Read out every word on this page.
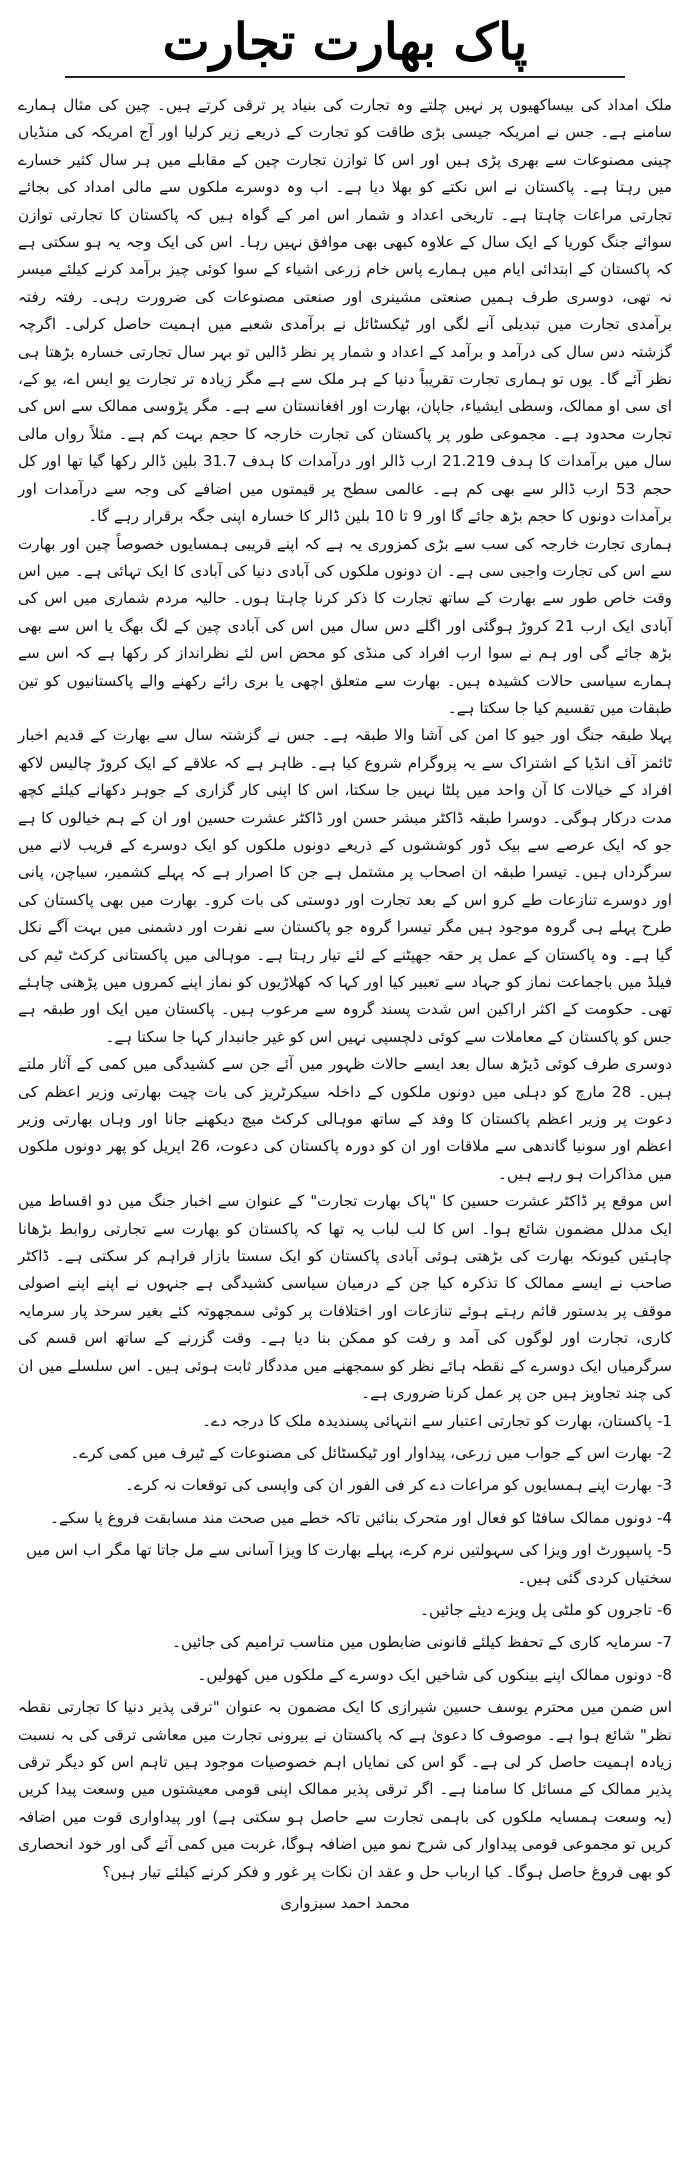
پاک بھارت تجارت

ملک امداد کی بیساکھیوں پر نہیں چلتے وہ تجارت کی بنیاد پر ترقی کرتے ہیں۔ چین کی مثال ہمارے سامنے ہے۔ جس نے امریکہ جیسی بڑی طاقت کو تجارت کے ذریعے زیر کرلیا اور آج امریکہ کی منڈیاں چینی مصنوعات سے بھری پڑی ہیں اور اس کا توازن تجارت چین کے مقابلے میں ہر سال کثیر خسارے میں رہتا ہے۔ پاکستان نے اس نکتے کو بھلا دیا ہے۔ اب وہ دوسرے ملکوں سے مالی امداد کی بجائے تجارتی مراعات چاہتا ہے۔ تاریخی اعداد و شمار اس امر کے گواہ ہیں کہ پاکستان کا تجارتی توازن سوائے جنگ کوریا کے ایک سال کے علاوہ کبھی بھی موافق نہیں رہا۔ اس کی ایک وجہ یہ ہو سکتی ہے کہ پاکستان کے ابتدائی ایام میں ہمارے پاس خام زرعی اشیاء کے سوا کوئی چیز برآمد کرنے کیلئے میسر نہ تھی، دوسری طرف ہمیں صنعتی مشینری اور صنعتی مصنوعات کی ضرورت رہی۔ رفتہ رفتہ برآمدی تجارت میں تبدیلی آنے لگی اور ٹیکسٹائل نے برآمدی شعبے میں اہمیت حاصل کرلی۔ اگرچہ گزشتہ دس سال کی درآمد و برآمد کے اعداد و شمار پر نظر ڈالیں تو بہر سال تجارتی خسارہ بڑھتا ہی نظر آئے گا۔ یوں تو ہماری تجارت تقریباً دنیا کے ہر ملک سے ہے مگر زیادہ تر تجارت یو ایس اے، یو کے، ای سی او ممالک، وسطی ایشیاء، جاپان، بھارت اور افغانستان سے ہے۔ مگر پڑوسی ممالک سے اس کی تجارت محدود ہے۔ مجموعی طور پر پاکستان کی تجارت خارجہ کا حجم بہت کم ہے۔ مثلاً رواں مالی سال میں برآمدات کا ہدف 21.219 ارب ڈالر اور درآمدات کا ہدف 31.7 بلین ڈالر رکھا گیا تھا اور کل حجم 53 ارب ڈالر سے بھی کم ہے۔ عالمی سطح پر قیمتوں میں اضافے کی وجہ سے درآمدات اور برآمدات دونوں کا حجم بڑھ جائے گا اور 9 تا 10 بلین ڈالر کا خسارہ اپنی جگہ برقرار رہے گا۔

ہماری تجارت خارجہ کی سب سے بڑی کمزوری یہ ہے کہ اپنے قریبی ہمسایوں خصوصاً چین اور بھارت سے اس کی تجارت واجبی سی ہے۔ ان دونوں ملکوں کی آبادی دنیا کی آبادی کا ایک تہائی ہے۔ میں اس وقت خاص طور سے بھارت کے ساتھ تجارت کا ذکر کرنا چاہتا ہوں۔ حالیہ مردم شماری میں اس کی آبادی ایک ارب 21 کروڑ ہوگئی اور اگلے دس سال میں اس کی آبادی چین کے لگ بھگ یا اس سے بھی بڑھ جائے گی اور ہم نے سوا ارب افراد کی منڈی کو محض اس لئے نظرانداز کر رکھا ہے کہ اس سے ہمارے سیاسی حالات کشیدہ ہیں۔ بھارت سے متعلق اچھی یا بری رائے رکھنے والے پاکستانیوں کو تین طبقات میں تقسیم کیا جا سکتا ہے۔

پہلا طبقہ جنگ اور جیو کا امن کی آشا والا طبقہ ہے۔ جس نے گزشتہ سال سے بھارت کے قدیم اخبار ٹائمز آف انڈیا کے اشتراک سے یہ پروگرام شروع کیا ہے۔ ظاہر ہے کہ علاقے کے ایک کروڑ چالیس لاکھ افراد کے خیالات کا آن واحد میں پلٹا نہیں جا سکتا، اس کا اپنی کار گزاری کے جوہر دکھانے کیلئے کچھ مدت درکار ہوگی۔ دوسرا طبقہ ڈاکٹر مبشر حسن اور ڈاکٹر عشرت حسین اور ان کے ہم خیالوں کا ہے جو کہ ایک عرصے سے بیک ڈور کوششوں کے ذریعے دونوں ملکوں کو ایک دوسرے کے قریب لانے میں سرگرداں ہیں۔ تیسرا طبقہ ان اصحاب پر مشتمل ہے جن کا اصرار ہے کہ پہلے کشمیر، سیاچن، پانی اور دوسرے تنازعات طے کرو اس کے بعد تجارت اور دوستی کی بات کرو۔ بھارت میں بھی پاکستان کی طرح پہلے ہی گروہ موجود ہیں مگر تیسرا گروہ جو پاکستان سے نفرت اور دشمنی میں بہت آگے نکل گیا ہے۔ وہ پاکستان کے عمل پر حقہ جھپٹنے کے لئے تیار رہتا ہے۔ موہالی میں پاکستانی کرکٹ ٹیم کی فیلڈ میں باجماعت نماز کو جہاد سے تعبیر کیا اور کہا کہ کھلاڑیوں کو نماز اپنے کمروں میں پڑھنی چاہئے تھی۔ حکومت کے اکثر اراکین اس شدت پسند گروہ سے مرعوب ہیں۔ پاکستان میں ایک اور طبقہ ہے جس کو پاکستان کے معاملات سے کوئی دلچسپی نہیں اس کو غیر جانبدار کہا جا سکتا ہے۔

دوسری طرف کوئی ڈیڑھ سال بعد ایسے حالات ظہور میں آئے جن سے کشیدگی میں کمی کے آثار ملتے ہیں۔ 28 مارچ کو دہلی میں دونوں ملکوں کے داخلہ سیکرٹریز کی بات چیت بھارتی وزیر اعظم کی دعوت پر وزیر اعظم پاکستان کا وفد کے ساتھ موہالی کرکٹ میچ دیکھنے جانا اور وہاں بھارتی وزیر اعظم اور سونیا گاندھی سے ملاقات اور ان کو دورہ پاکستان کی دعوت، 26 اپریل کو پھر دونوں ملکوں میں مذاکرات ہو رہے ہیں۔

اس موقع پر ڈاکٹر عشرت حسین کا "پاک بھارت تجارت" کے عنوان سے اخبار جنگ میں دو اقساط میں ایک مدلل مضمون شائع ہوا۔ اس کا لب لباب یہ تھا کہ پاکستان کو بھارت سے تجارتی روابط بڑھانا چاہئیں کیونکہ بھارت کی بڑھتی ہوئی آبادی پاکستان کو ایک سستا بازار فراہم کر سکتی ہے۔ ڈاکٹر صاحب نے ایسے ممالک کا تذکرہ کیا جن کے درمیان سیاسی کشیدگی ہے جنہوں نے اپنے اپنے اصولی موقف پر بدستور قائم رہتے ہوئے تنازعات اور اختلافات پر کوئی سمجھوتہ کئے بغیر سرحد پار سرمایہ کاری، تجارت اور لوگوں کی آمد و رفت کو ممکن بنا دیا ہے۔ وقت گزرنے کے ساتھ اس قسم کی سرگرمیاں ایک دوسرے کے نقطہ ہائے نظر کو سمجھنے میں مددگار ثابت ہوئی ہیں۔ اس سلسلے میں ان کی چند تجاویز ہیں جن پر عمل کرنا ضروری ہے۔

1- پاکستان، بھارت کو تجارتی اعتبار سے انتہائی پسندیدہ ملک کا درجہ دے۔
2- بھارت اس کے جواب میں زرعی، پیداوار اور ٹیکسٹائل کی مصنوعات کے ٹیرف میں کمی کرے۔
3- بھارت اپنے ہمسایوں کو مراعات دے کر فی الفور ان کی واپسی کی توقعات نہ کرے۔
4- دونوں ممالک سافٹا کو فعال اور متحرک بنائیں تاکہ خطے میں صحت مند مسابقت فروغ پا سکے۔
5- پاسپورٹ اور ویزا کی سہولتیں نرم کرے، پہلے بھارت کا ویزا آسانی سے مل جاتا تھا مگر اب اس میں سختیاں کردی گئی ہیں۔
6- تاجروں کو ملٹی پل ویزے دیئے جائیں۔
7- سرمایہ کاری کے تحفظ کیلئے قانونی ضابطوں میں مناسب ترامیم کی جائیں۔
8- دونوں ممالک اپنے بینکوں کی شاخیں ایک دوسرے کے ملکوں میں کھولیں۔

اس ضمن میں محترم یوسف حسین شیرازی کا ایک مضمون بہ عنوان "ترقی پذیر دنیا کا تجارتی نقطہ نظر" شائع ہوا ہے۔ موصوف کا دعویٰ ہے کہ پاکستان نے بیرونی تجارت میں معاشی ترقی کی بہ نسبت زیادہ اہمیت حاصل کر لی ہے۔ گو اس کی نمایاں اہم خصوصیات موجود ہیں تاہم اس کو دیگر ترقی پذیر ممالک کے مسائل کا سامنا ہے۔ اگر ترقی پذیر ممالک اپنی قومی معیشتوں میں وسعت پیدا کریں (یہ وسعت ہمسایہ ملکوں کی باہمی تجارت سے حاصل ہو سکتی ہے) اور پیداواری قوت میں اضافہ کریں تو مجموعی قومی پیداوار کی شرح نمو میں اضافہ ہوگا، غربت میں کمی آئے گی اور خود انحصاری کو بھی فروغ حاصل ہوگا۔ کیا ارباب حل و عقد ان نکات پر غور و فکر کرنے کیلئے تیار ہیں؟

محمد احمد سبزواری
